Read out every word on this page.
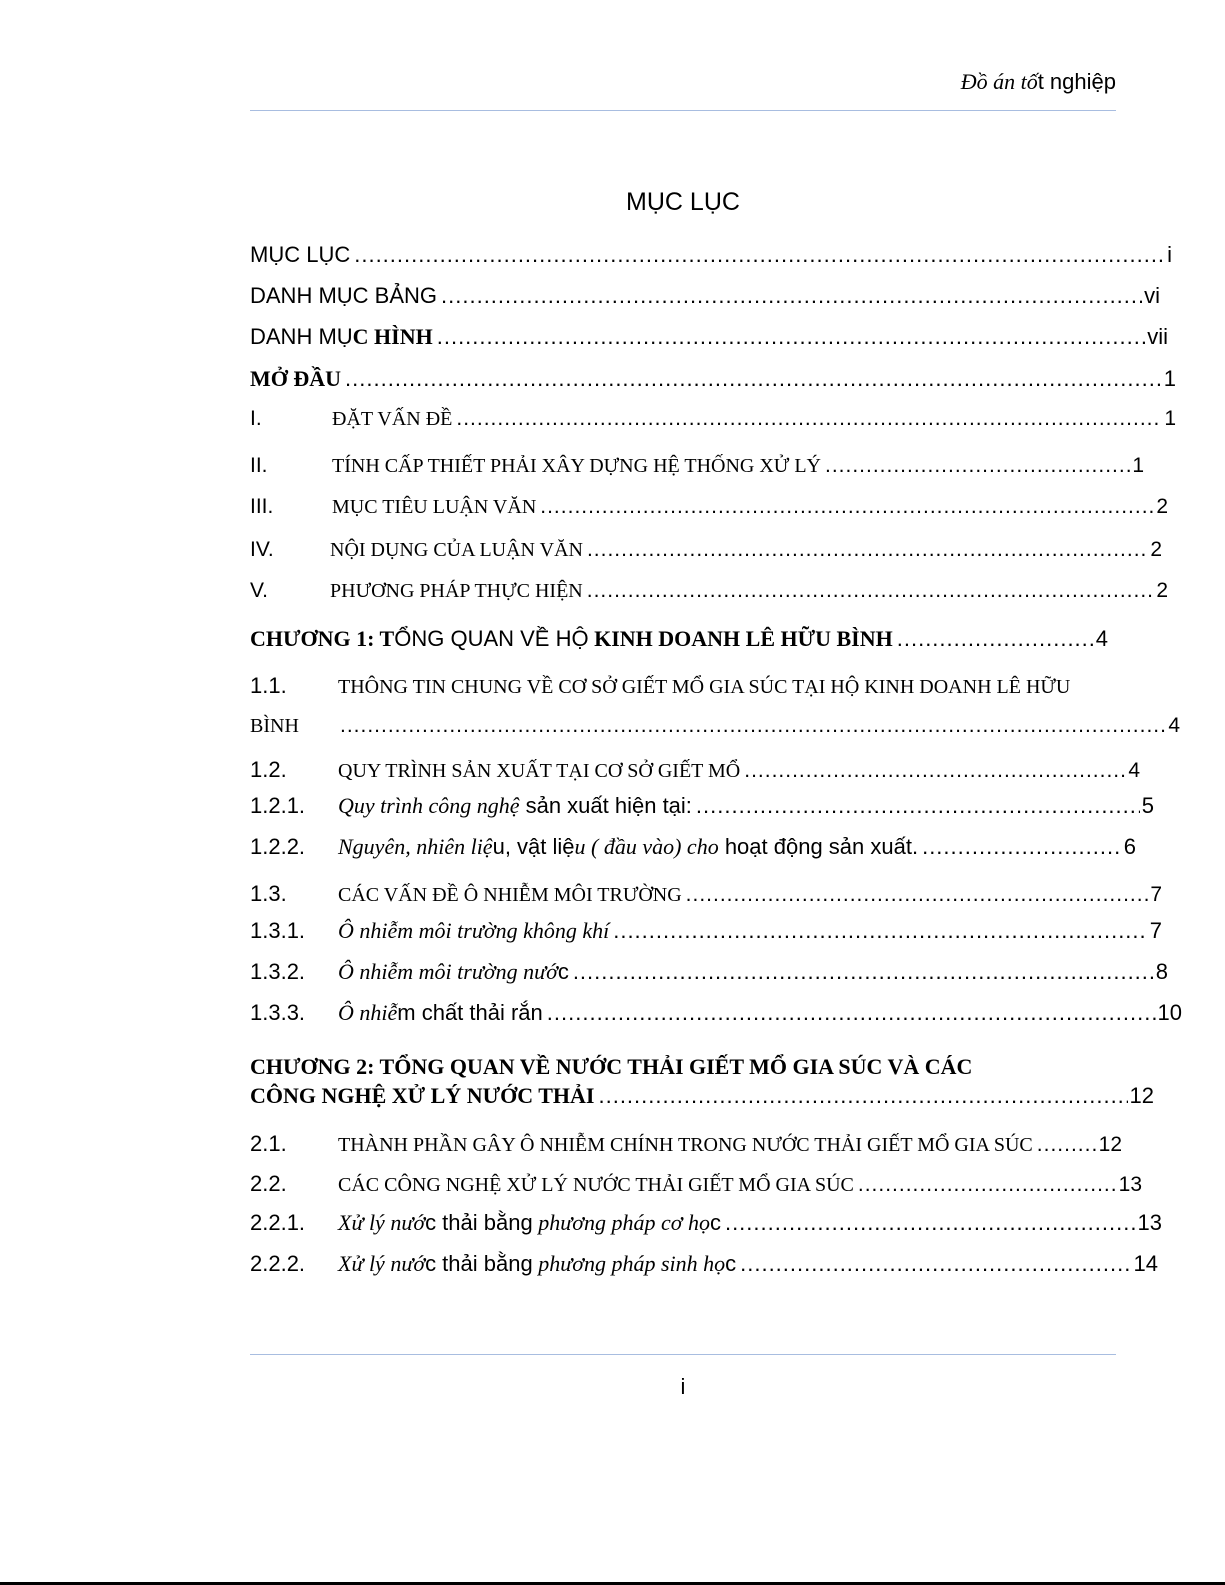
Đồ án tốt nghiệp
MỤC LỤC
MỤC LỤC .....	i
DANH MỤC BẢNG .....	vi
DANH MỤC HÌNH .....	vii
MỞ ĐẦU .....	1
I.	ĐẶT VẤN ĐỀ .....	1
II.	TÍNH CẤP THIẾT PHẢI XÂY DỰNG HỆ THỐNG XỬ LÝ .....	1
III.	MỤC TIÊU LUẬN VĂN .....	2
IV.	NỘI DỤNG CỦA LUẬN VĂN .....	2
V.	PHƯƠNG PHÁP THỰC HIỆN .....	2
CHƯƠNG 1: TỔNG QUAN VỀ HỘ KINH DOANH LÊ HỮU BÌNH .....	4
1.1.	THÔNG TIN CHUNG VỀ CƠ SỞ GIẾT MỔ GIA SÚC TẠI HỘ KINH DOANH LÊ HỮU
BÌNH .....	4
1.2.	QUY TRÌNH SẢN XUẤT TẠI CƠ SỞ GIẾT MỔ .....	4
1.2.1.	Quy trình công nghệ sản xuất hiện tại: .....	5
1.2.2.	Nguyên, nhiên liệu, vật liệu ( đầu vào) cho hoạt động sản xuất. .....	6
1.3.	CÁC VẤN ĐỀ Ô NHIỄM MÔI TRƯỜNG .....	7
1.3.1.	Ô nhiễm môi trường không khí .....	7
1.3.2.	Ô nhiễm môi trường nước .....	8
1.3.3.	Ô nhiễm chất thải rắn .....	10
CHƯƠNG 2: TỔNG QUAN VỀ NƯỚC THẢI GIẾT MỔ GIA SÚC VÀ CÁC
CÔNG NGHỆ XỬ LÝ NƯỚC THẢI .....	12
2.1.	THÀNH PHẦN GÂY Ô NHIỄM CHÍNH TRONG NƯỚC THẢI GIẾT MỔ GIA SÚC .....	12
2.2.	CÁC CÔNG NGHỆ XỬ LÝ NƯỚC THẢI GIẾT MỔ GIA SÚC .....	13
2.2.1.	Xử lý nước thải bằng phương pháp cơ học .....	13
2.2.2.	Xử lý nước thải bằng phương pháp sinh học .....	14
i
